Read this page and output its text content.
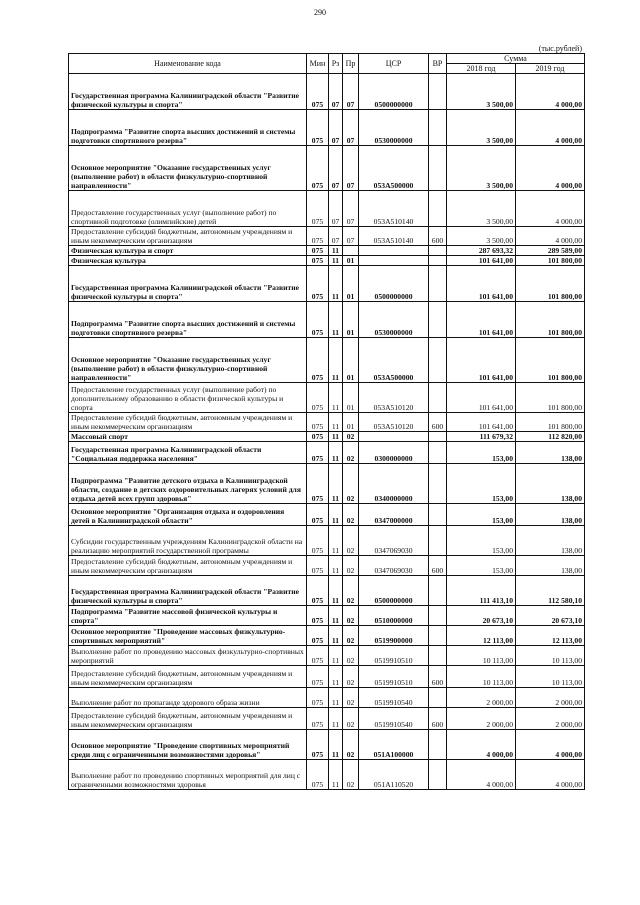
290
(тыс.рублей)
Наименование кода	Мин	Рз	Пр	ЦСР	ВР	Сумма	
						2018 год	2019 год
Государственная программа Калининградской области "Развитие физической культуры и спорта"	075	07	07	0500000000		3 500,00	4 000,00
Подпрограмма "Развитие спорта высших достижений и системы подготовки спортивного резерва"	075	07	07	0530000000		3 500,00	4 000,00
Основное мероприятие "Оказание государственных услуг (выполнение работ) в области физкультурно-спортивной направленности"	075	07	07	053А500000		3 500,00	4 000,00
Предоставление государственных услуг (выполнение работ) по спортивной подготовке (олимпийские) детей	075	07	07	053А510140		3 500,00	4 000,00
Предоставление субсидий бюджетным, автономным учреждениям и иным некоммерческим организациям	075	07	07	053А510140	600	3 500,00	4 000,00
Физическая культура и спорт	075	11				287 693,32	289 589,00
Физическая культура	075	11	01			101 641,00	101 800,00
Государственная программа Калининградской области "Развитие физической культуры и спорта"	075	11	01	0500000000		101 641,00	101 800,00
Подпрограмма "Развитие спорта высших достижений и системы подготовки спортивного резерва"	075	11	01	0530000000		101 641,00	101 800,00
Основное мероприятие "Оказание государственных услуг (выполнение работ) в области физкультурно-спортивной направленности"	075	11	01	053А500000		101 641,00	101 800,00
Предоставление государственных услуг (выполнение работ) по дополнительному образованию в области физической культуры и спорта	075	11	01	053А510120		101 641,00	101 800,00
Предоставление субсидий бюджетным, автономным учреждениям и иным некоммерческим организациям	075	11	01	053А510120	600	101 641,00	101 800,00
Массовый спорт	075	11	02			111 679,32	112 820,00
Государственная программа Калининградской области "Социальная поддержка населения"	075	11	02	0300000000		153,00	138,00
Подпрограмма "Развитие детского отдыха в Калининградской области, создание в детских оздоровительных лагерях условий для отдыха детей всех групп здоровья"	075	11	02	0340000000		153,00	138,00
Основное мероприятие "Организация отдыха и оздоровления детей в Калининградской области"	075	11	02	0347000000		153,00	138,00
Субсидии государственным учреждениям Калининградской области на реализацию мероприятий государственной программы	075	11	02	0347069030		153,00	138,00
Предоставление субсидий бюджетным, автономным учреждениям и иным некоммерческим организациям	075	11	02	0347069030	600	153,00	138,00
Государственная программа Калининградской области "Развитие физической культуры и спорта"	075	11	02	0500000000		111 413,10	112 580,10
Подпрограмма "Развитие массовой физической культуры и спорта"	075	11	02	0510000000		20 673,10	20 673,10
Основное мероприятие "Проведение массовых физкультурно-спортивных мероприятий"	075	11	02	0519900000		12 113,00	12 113,00
Выполнение работ по проведению массовых физкультурно-спортивных мероприятий	075	11	02	0519910510		10 113,00	10 113,00
Предоставление субсидий бюджетным, автономным учреждениям и иным некоммерческим организациям	075	11	02	0519910510	600	10 113,00	10 113,00
Выполнение работ по пропаганде здорового образа жизни	075	11	02	0519910540		2 000,00	2 000,00
Предоставление субсидий бюджетным, автономным учреждениям и иным некоммерческим организациям	075	11	02	0519910540	600	2 000,00	2 000,00
Основное мероприятие "Проведение спортивных мероприятий среди лиц с ограниченными возможностями здоровья"	075	11	02	051А100000		4 000,00	4 000,00
Выполнение работ по проведению спортивных мероприятий для лиц с ограниченными возможностями здоровья	075	11	02	051А110520		4 000,00	4 000,00
